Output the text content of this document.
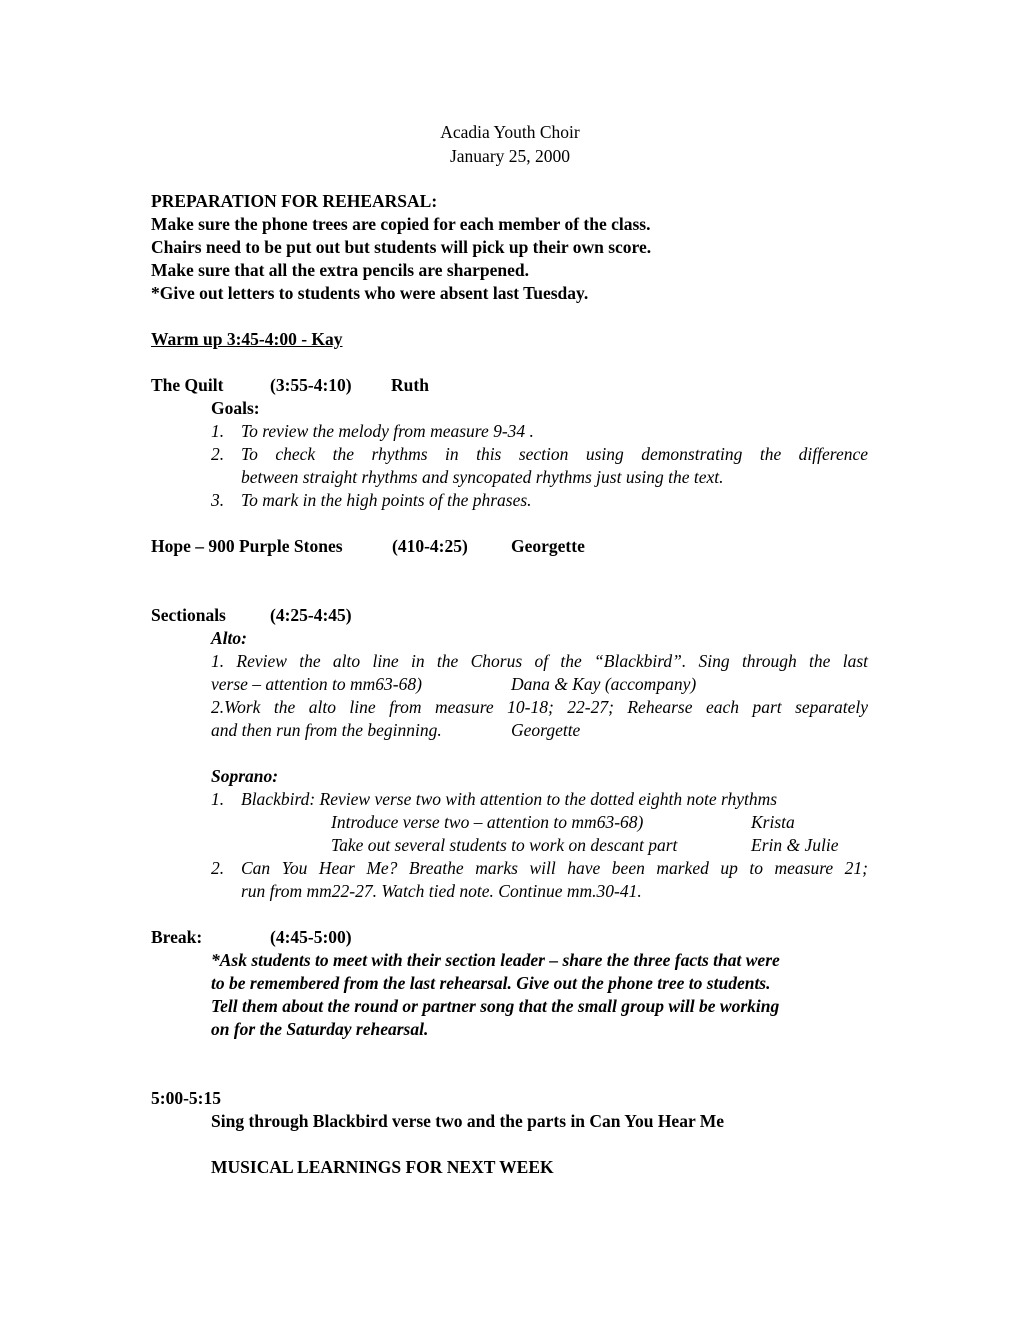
Acadia Youth Choir
January 25, 2000
PREPARATION FOR REHEARSAL:
Make sure the phone trees are copied for each member of the class.
Chairs need to be put out but students will pick up their own score.
Make sure that all the extra pencils are sharpened.
*Give out letters to students who were absent last Tuesday.
Warm up 3:45-4:00 - Kay
The Quilt	(3:55-4:10) Ruth
Goals:
1. To review the melody from measure 9-34 .
2. To check the rhythms in this section using demonstrating the difference
between straight rhythms and syncopated rhythms just using the text.
3. To mark in the high points of the phrases.
Hope – 900 Purple Stones	(410-4:25) Georgette
Sectionals	(4:25-4:45)
Alto:
1. Review the alto line in the Chorus of the “Blackbird”. Sing through the last
verse – attention to mm63-68)	Dana & Kay (accompany)
2.Work the alto line from measure 10-18; 22-27; Rehearse each part separately
and then run from the beginning.	Georgette
Soprano:
1. Blackbird: Review verse two with attention to the dotted eighth note rhythms
Introduce verse two – attention to mm63-68)	Krista
Take out several students to work on descant part	Erin & Julie
2. Can You Hear Me? Breathe marks will have been marked up to measure 21;
run from mm22-27. Watch tied note. Continue mm.30-41.
Break:	(4:45-5:00)
*Ask students to meet with their section leader – share the three facts that were
to be remembered from the last rehearsal. Give out the phone tree to students.
Tell them about the round or partner song that the small group will be working
on for the Saturday rehearsal.
5:00-5:15
Sing through Blackbird verse two and the parts in Can You Hear Me
MUSICAL LEARNINGS FOR NEXT WEEK
